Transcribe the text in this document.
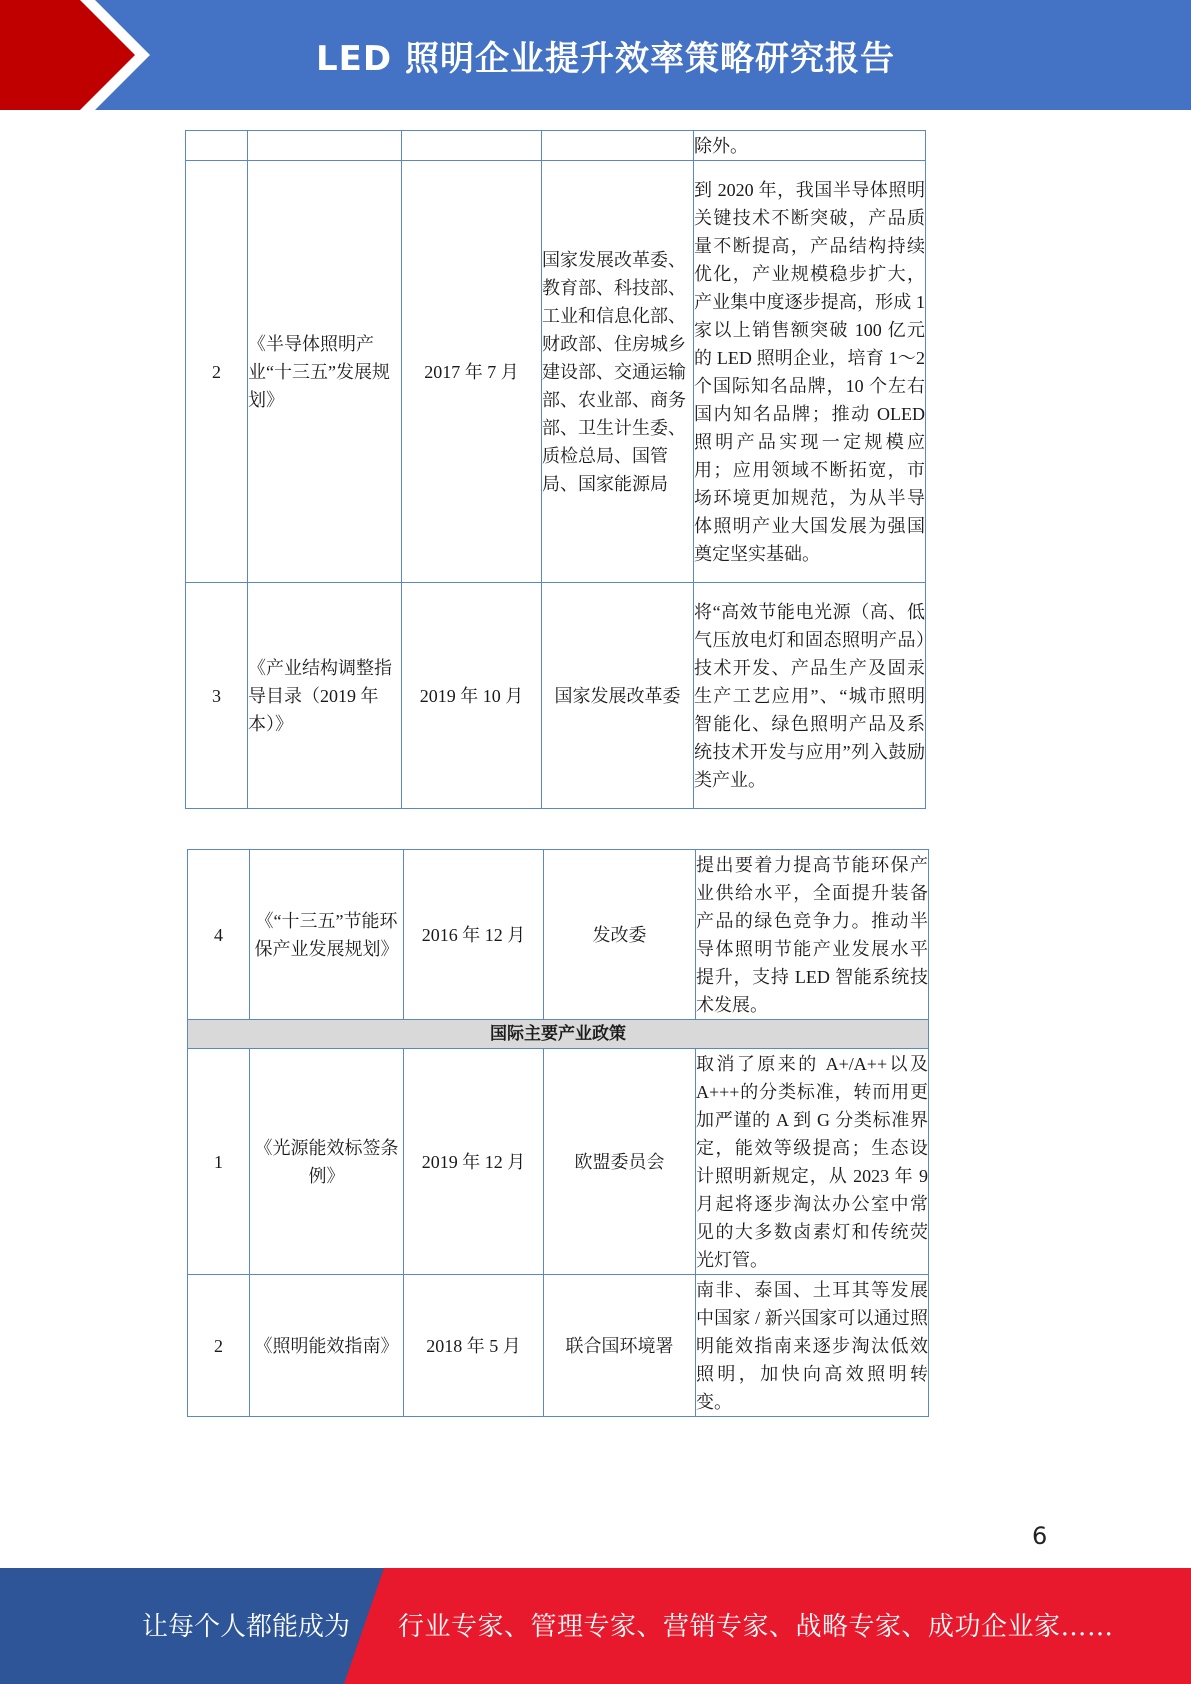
LED 照明企业提升效率策略研究报告
				除外。
2	《半导体照明产业“十三五”发展规划》	2017 年 7 月	国家发展改革委、教育部、科技部、工业和信息化部、财政部、住房城乡建设部、交通运输部、农业部、商务部、卫生计生委、质检总局、国管局、国家能源局	到 2020 年，我国半导体照明关键技术不断突破，产品质量不断提高，产品结构持续优化，产业规模稳步扩大，产业集中度逐步提高，形成 1 家以上销售额突破 100 亿元的 LED 照明企业，培育 1～2 个国际知名品牌，10 个左右国内知名品牌；推动 OLED 照明产品实现一定规模应用；应用领域不断拓宽，市场环境更加规范，为从半导体照明产业大国发展为强国奠定坚实基础。
3	《产业结构调整指导目录（2019 年本）》	2019 年 10 月	国家发展改革委	将“高效节能电光源（高、低气压放电灯和固态照明产品）技术开发、产品生产及固汞生产工艺应用”、“城市照明智能化、绿色照明产品及系统技术开发与应用”列入鼓励类产业。
4	《“十三五”节能环保产业发展规划》	2016 年 12 月	发改委	提出要着力提高节能环保产业供给水平，全面提升装备产品的绿色竞争力。推动半导体照明节能产业发展水平提升，支持 LED 智能系统技术发展。
国际主要产业政策				
1	《光源能效标签条例》	2019 年 12 月	欧盟委员会	取消了原来的 A+/A++以及 A+++的分类标准，转而用更加严谨的 A 到 G 分类标准界定，能效等级提高；生态设计照明新规定，从 2023 年 9 月起将逐步淘汰办公室中常见的大多数卤素灯和传统荧光灯管。
2	《照明能效指南》	2018 年 5 月	联合国环境署	南非、泰国、土耳其等发展中国家 / 新兴国家可以通过照明能效指南来逐步淘汰低效照明，加快向高效照明转变。
6
让每个人都能成为 行业专家、管理专家、营销专家、战略专家、成功企业家……
